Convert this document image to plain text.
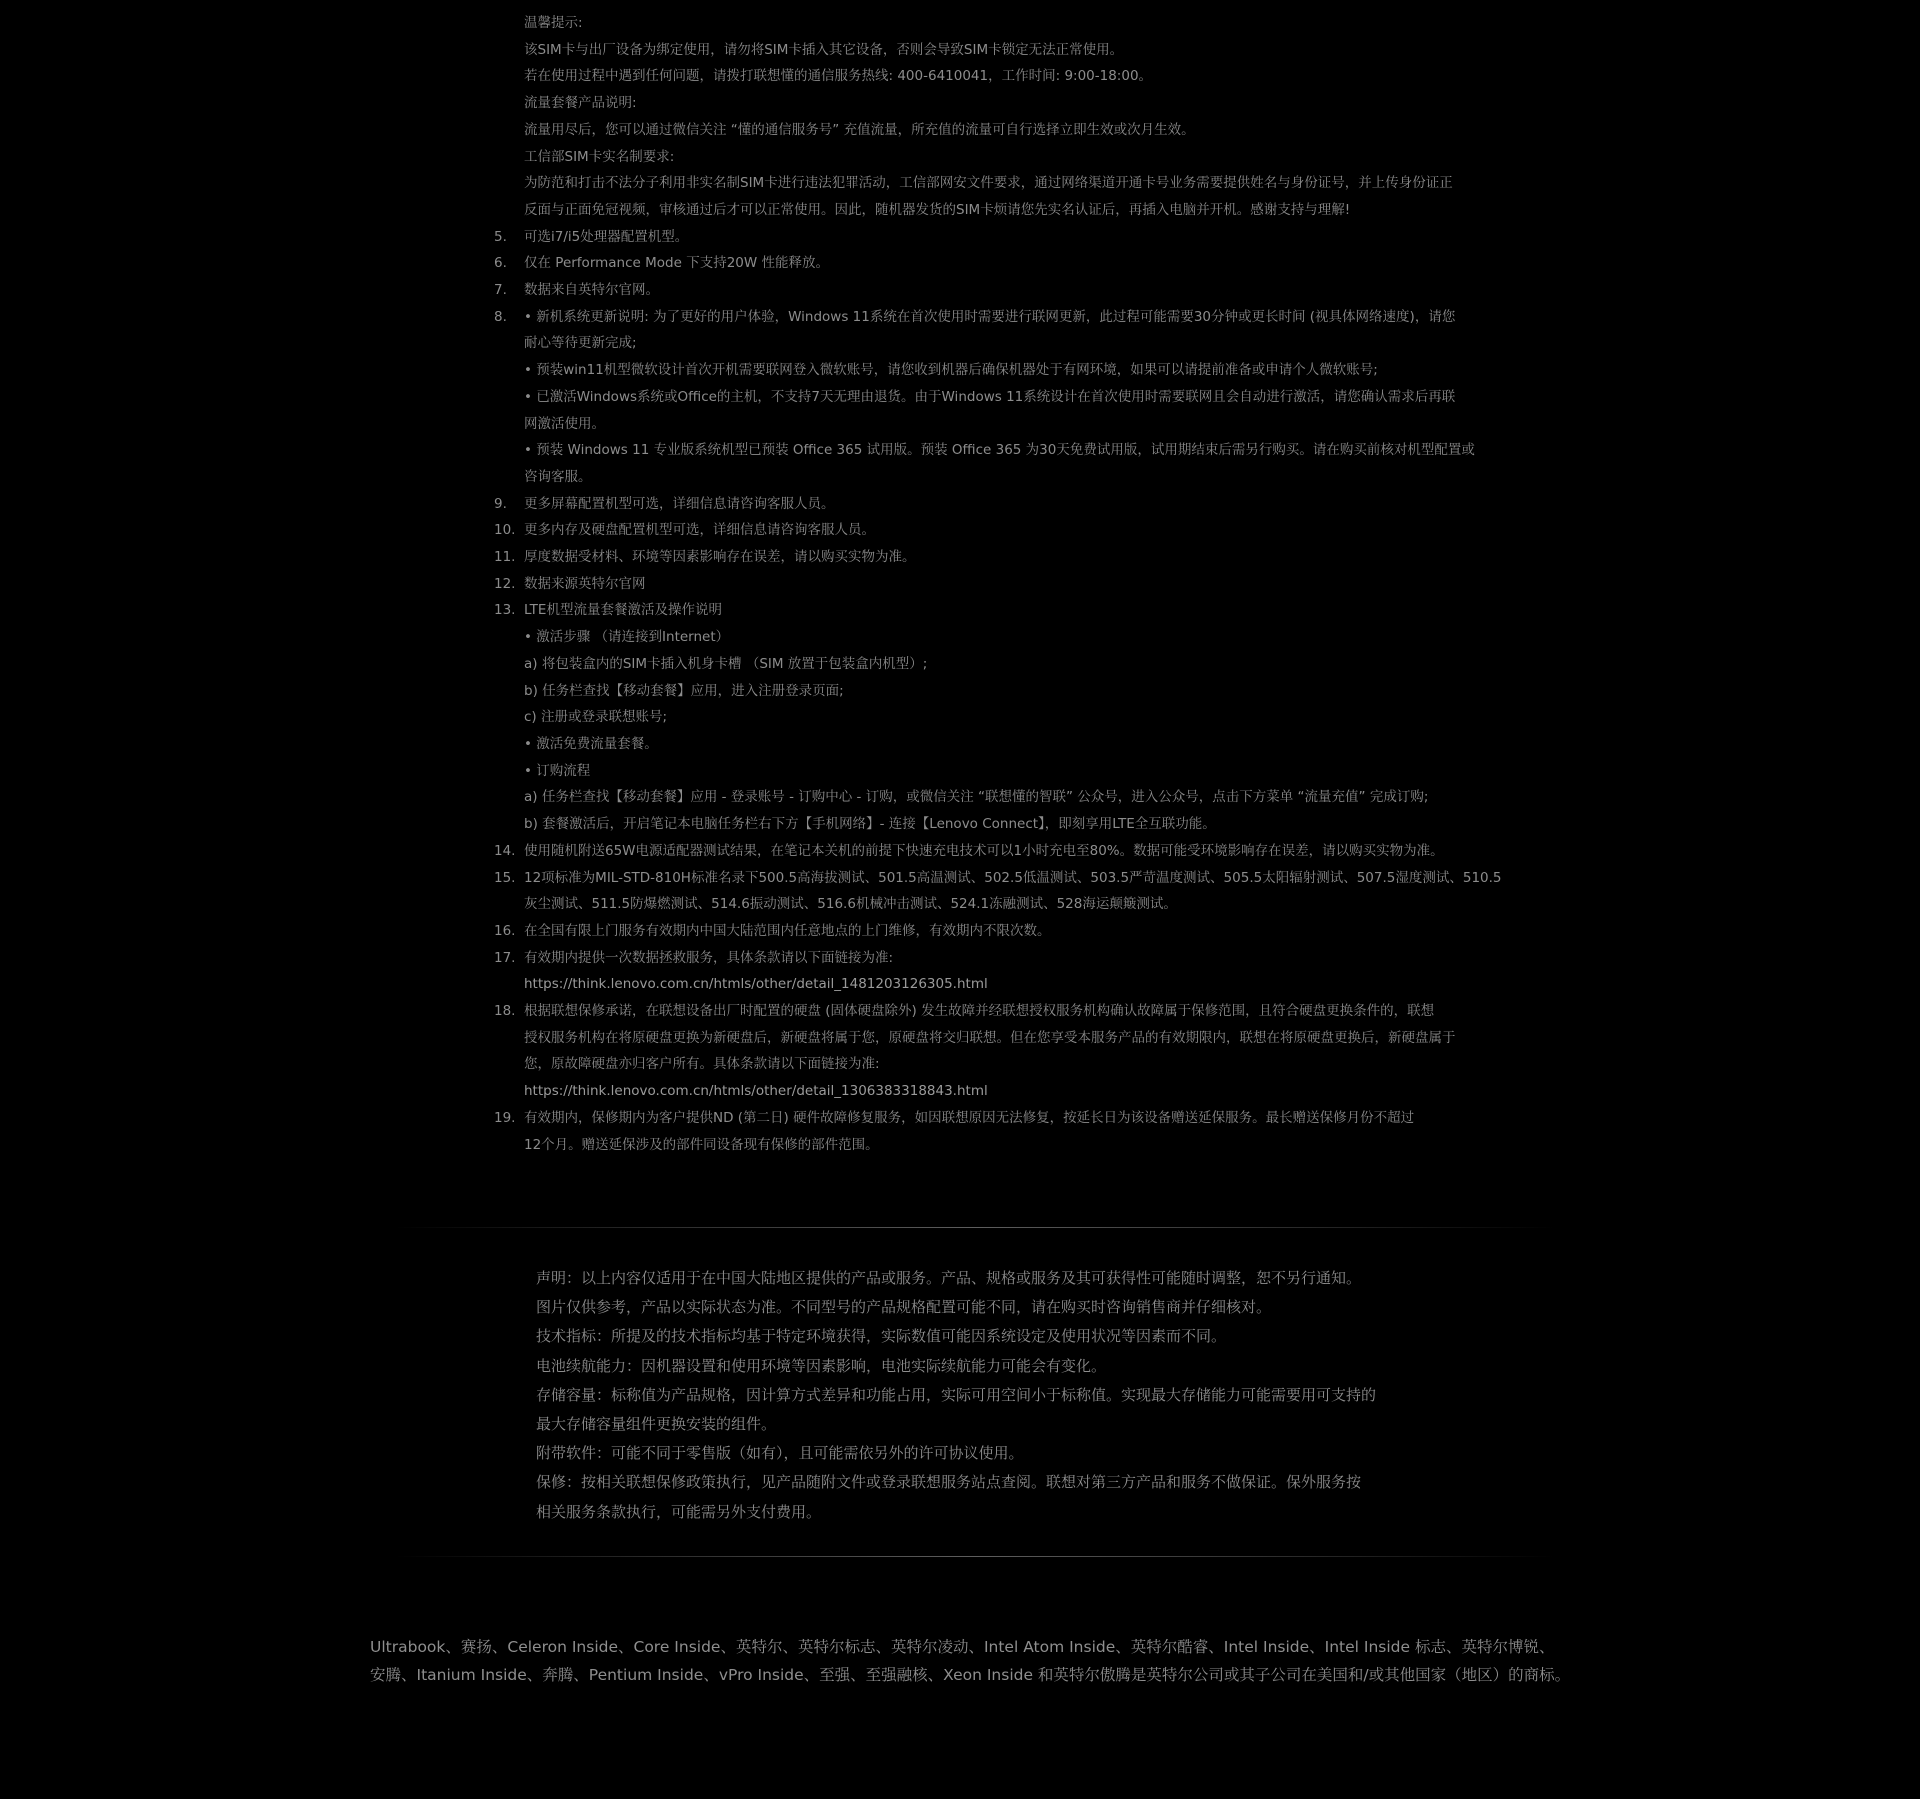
温馨提示:
该SIM卡与出厂设备为绑定使用，请勿将SIM卡插入其它设备，否则会导致SIM卡锁定无法正常使用。
若在使用过程中遇到任何问题，请拨打联想懂的通信服务热线: 400-6410041，工作时间: 9:00-18:00。
流量套餐产品说明:
流量用尽后，您可以通过微信关注 “懂的通信服务号” 充值流量，所充值的流量可自行选择立即生效或次月生效。
工信部SIM卡实名制要求:
为防范和打击不法分子利用非实名制SIM卡进行违法犯罪活动，工信部网安文件要求，通过网络渠道开通卡号业务需要提供姓名与身份证号，并上传身份证正
反面与正面免冠视频，审核通过后才可以正常使用。因此，随机器发货的SIM卡烦请您先实名认证后，再插入电脑并开机。感谢支持与理解!
5. 可选i7/i5处理器配置机型。
6. 仅在 Performance Mode 下支持20W 性能释放。
7. 数据来自英特尔官网。
8. • 新机系统更新说明: 为了更好的用户体验，Windows 11系统在首次使用时需要进行联网更新，此过程可能需要30分钟或更长时间 (视具体网络速度)，请您
耐心等待更新完成;
• 预装win11机型微软设计首次开机需要联网登入微软账号，请您收到机器后确保机器处于有网环境，如果可以请提前准备或申请个人微软账号;
• 已激活Windows系统或Office的主机，不支持7天无理由退货。由于Windows 11系统设计在首次使用时需要联网且会自动进行激活，请您确认需求后再联
网激活使用。
• 预装 Windows 11 专业版系统机型已预装 Office 365 试用版。预装 Office 365 为30天免费试用版，试用期结束后需另行购买。请在购买前核对机型配置或
咨询客服。
9. 更多屏幕配置机型可选，详细信息请咨询客服人员。
10. 更多内存及硬盘配置机型可选，详细信息请咨询客服人员。
11. 厚度数据受材料、环境等因素影响存在误差，请以购买实物为准。
12. 数据来源英特尔官网
13. LTE机型流量套餐激活及操作说明
• 激活步骤 （请连接到Internet）
a) 将包装盒内的SIM卡插入机身卡槽 （SIM 放置于包装盒内机型）;
b) 任务栏查找【移动套餐】应用，进入注册登录页面;
c) 注册或登录联想账号;
• 激活免费流量套餐。
• 订购流程
a) 任务栏查找【移动套餐】应用 - 登录账号 - 订购中心 - 订购，或微信关注 “联想懂的智联” 公众号，进入公众号，点击下方菜单 “流量充值” 完成订购;
b) 套餐激活后，开启笔记本电脑任务栏右下方【手机网络】- 连接【Lenovo Connect】，即刻享用LTE全互联功能。
14. 使用随机附送65W电源适配器测试结果，在笔记本关机的前提下快速充电技术可以1小时充电至80%。数据可能受环境影响存在误差，请以购买实物为准。
15. 12项标准为MIL-STD-810H标准名录下500.5高海拔测试、501.5高温测试、502.5低温测试、503.5严苛温度测试、505.5太阳辐射测试、507.5湿度测试、510.5
灰尘测试、511.5防爆燃测试、514.6振动测试、516.6机械冲击测试、524.1冻融测试、528海运颠簸测试。
16. 在全国有限上门服务有效期内中国大陆范围内任意地点的上门维修，有效期内不限次数。
17. 有效期内提供一次数据拯救服务，具体条款请以下面链接为准:
https://think.lenovo.com.cn/htmls/other/detail_1481203126305.html
18. 根据联想保修承诺，在联想设备出厂时配置的硬盘 (固体硬盘除外) 发生故障并经联想授权服务机构确认故障属于保修范围，且符合硬盘更换条件的，联想
授权服务机构在将原硬盘更换为新硬盘后，新硬盘将属于您，原硬盘将交归联想。但在您享受本服务产品的有效期限内，联想在将原硬盘更换后，新硬盘属于
您，原故障硬盘亦归客户所有。具体条款请以下面链接为准:
https://think.lenovo.com.cn/htmls/other/detail_1306383318843.html
19. 有效期内，保修期内为客户提供ND (第二日) 硬件故障修复服务，如因联想原因无法修复，按延长日为该设备赠送延保服务。最长赠送保修月份不超过
12个月。赠送延保涉及的部件同设备现有保修的部件范围。
声明：以上内容仅适用于在中国大陆地区提供的产品或服务。产品、规格或服务及其可获得性可能随时调整，恕不另行通知。
图片仅供参考，产品以实际状态为准。不同型号的产品规格配置可能不同，请在购买时咨询销售商并仔细核对。
技术指标：所提及的技术指标均基于特定环境获得，实际数值可能因系统设定及使用状况等因素而不同。
电池续航能力：因机器设置和使用环境等因素影响，电池实际续航能力可能会有变化。
存储容量：标称值为产品规格，因计算方式差异和功能占用，实际可用空间小于标称值。实现最大存储能力可能需要用可支持的
最大存储容量组件更换安装的组件。
附带软件：可能不同于零售版（如有），且可能需依另外的许可协议使用。
保修：按相关联想保修政策执行，见产品随附文件或登录联想服务站点查阅。联想对第三方产品和服务不做保证。保外服务按
相关服务条款执行，可能需另外支付费用。
Ultrabook、赛扬、Celeron Inside、Core Inside、英特尔、英特尔标志、英特尔凌动、Intel Atom Inside、英特尔酷睿、Intel Inside、Intel Inside 标志、英特尔博锐、
安腾、Itanium Inside、奔腾、Pentium Inside、vPro Inside、至强、至强融核、Xeon Inside 和英特尔傲腾是英特尔公司或其子公司在美国和/或其他国家（地区）的商标。
